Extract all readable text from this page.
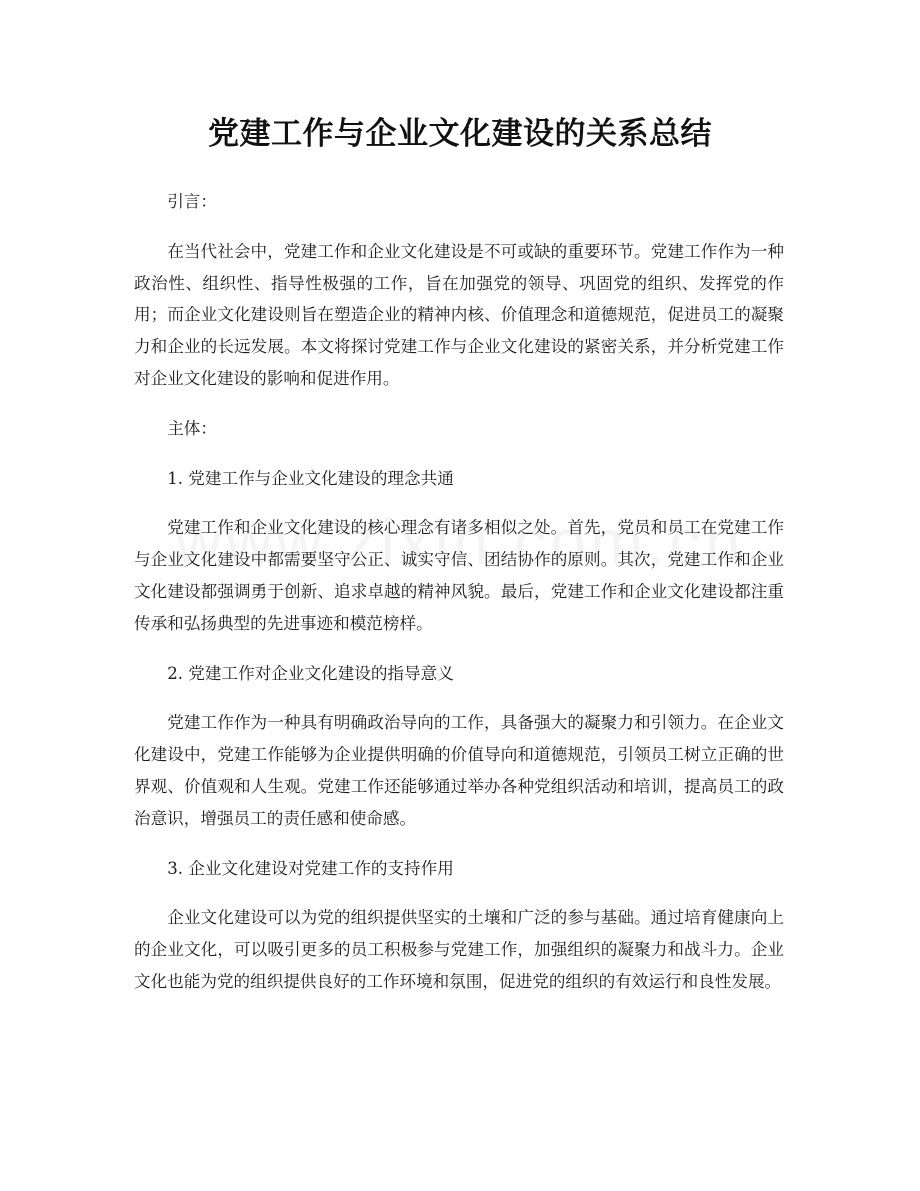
党建工作与企业文化建设的关系总结

引言：

在当代社会中，党建工作和企业文化建设是不可或缺的重要环节。党建工作作为一种政治性、组织性、指导性极强的工作，旨在加强党的领导、巩固党的组织、发挥党的作用；而企业文化建设则旨在塑造企业的精神内核、价值理念和道德规范，促进员工的凝聚力和企业的长远发展。本文将探讨党建工作与企业文化建设的紧密关系，并分析党建工作对企业文化建设的影响和促进作用。

主体：

1. 党建工作与企业文化建设的理念共通

党建工作和企业文化建设的核心理念有诸多相似之处。首先，党员和员工在党建工作与企业文化建设中都需要坚守公正、诚实守信、团结协作的原则。其次，党建工作和企业文化建设都强调勇于创新、追求卓越的精神风貌。最后，党建工作和企业文化建设都注重传承和弘扬典型的先进事迹和模范榜样。

2. 党建工作对企业文化建设的指导意义

党建工作作为一种具有明确政治导向的工作，具备强大的凝聚力和引领力。在企业文化建设中，党建工作能够为企业提供明确的价值导向和道德规范，引领员工树立正确的世界观、价值观和人生观。党建工作还能够通过举办各种党组织活动和培训，提高员工的政治意识，增强员工的责任感和使命感。

3. 企业文化建设对党建工作的支持作用

企业文化建设可以为党的组织提供坚实的土壤和广泛的参与基础。通过培育健康向上的企业文化，可以吸引更多的员工积极参与党建工作，加强组织的凝聚力和战斗力。企业文化也能为党的组织提供良好的工作环境和氛围，促进党的组织的有效运行和良性发展。
